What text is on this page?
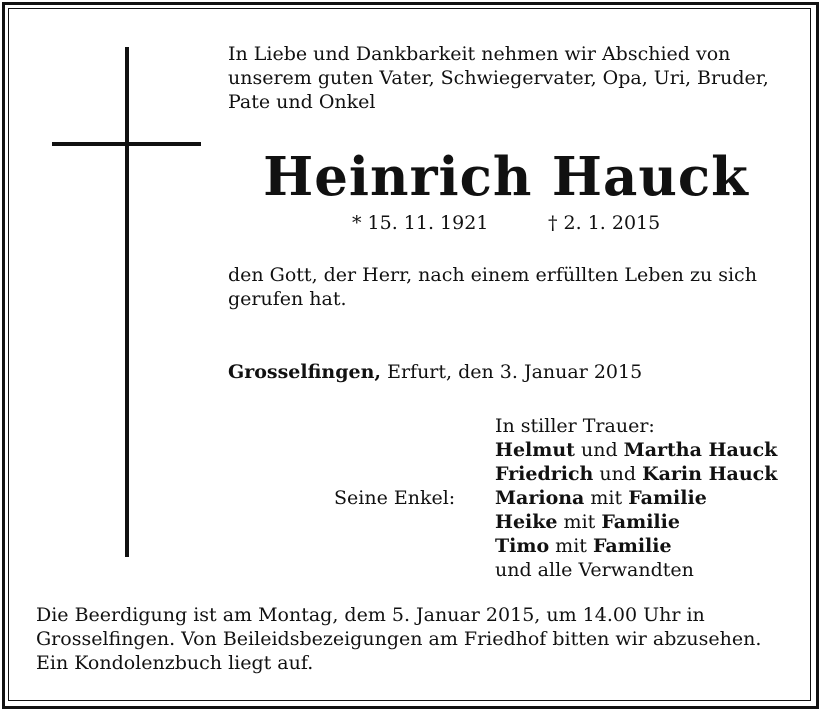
In Liebe und Dankbarkeit nehmen wir Abschied von
unserem guten Vater, Schwiegervater, Opa, Uri, Bruder,
Pate und Onkel
Heinrich Hauck
* 15. 11. 1921	† 2. 1. 2015
den Gott, der Herr, nach einem erfüllten Leben zu sich
gerufen hat.
Grosselfingen, Erfurt, den 3. Januar 2015
In stiller Trauer:
Helmut und Martha Hauck
Friedrich und Karin Hauck
Mariona mit Familie
Heike mit Familie
Timo mit Familie
und alle Verwandten
Seine Enkel:
Die Beerdigung ist am Montag, dem 5. Januar 2015, um 14.00 Uhr in
Grosselfingen. Von Beileidsbezeigungen am Friedhof bitten wir abzusehen.
Ein Kondolenzbuch liegt auf.
